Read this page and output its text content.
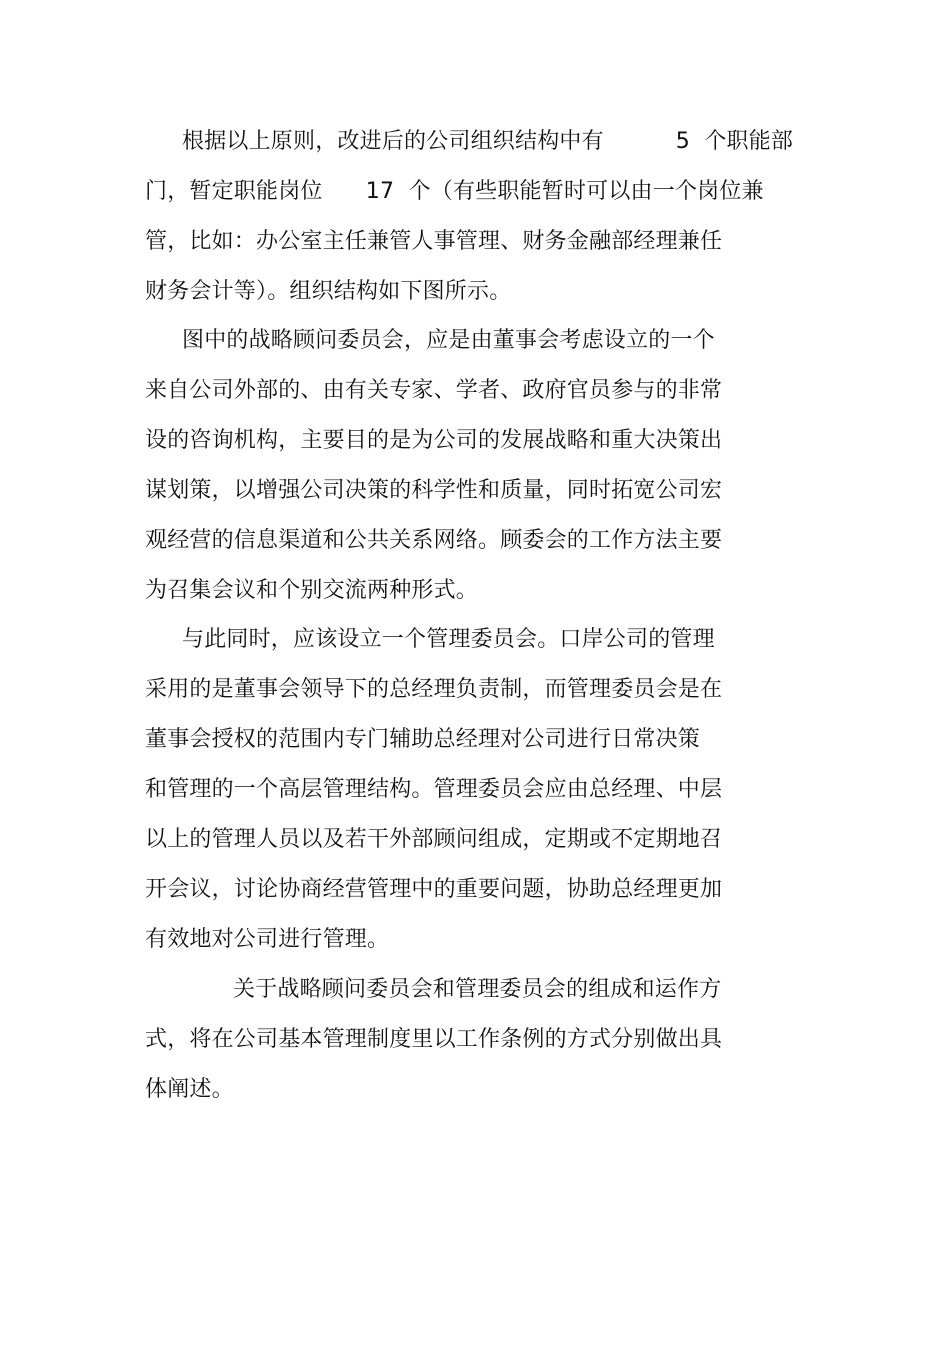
根据以上原则，改进后的公司组织结构中有          5  个职能部
门，暂定职能岗位      17  个（有些职能暂时可以由一个岗位兼
管，比如：办公室主任兼管人事管理、财务金融部经理兼任
财务会计等）。组织结构如下图所示。
图中的战略顾问委员会，应是由董事会考虑设立的一个
来自公司外部的、由有关专家、学者、政府官员参与的非常
设的咨询机构，主要目的是为公司的发展战略和重大决策出
谋划策，以增强公司决策的科学性和质量，同时拓宽公司宏
观经营的信息渠道和公共关系网络。顾委会的工作方法主要
为召集会议和个别交流两种形式。
与此同时，应该设立一个管理委员会。口岸公司的管理
采用的是董事会领导下的总经理负责制，而管理委员会是在
董事会授权的范围内专门辅助总经理对公司进行日常决策
和管理的一个高层管理结构。管理委员会应由总经理、中层
以上的管理人员以及若干外部顾问组成，定期或不定期地召
开会议，讨论协商经营管理中的重要问题，协助总经理更加
有效地对公司进行管理。
关于战略顾问委员会和管理委员会的组成和运作方
式，将在公司基本管理制度里以工作条例的方式分别做出具
体阐述。
